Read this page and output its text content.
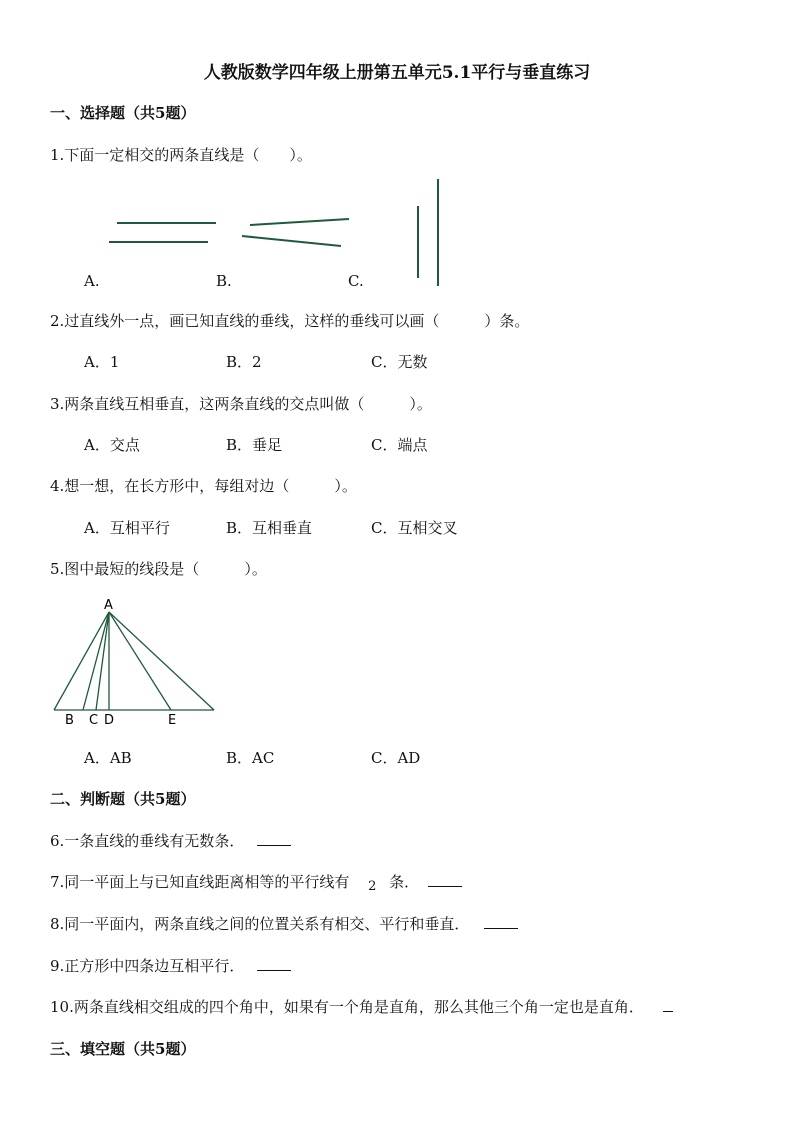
人教版数学四年级上册第五单元5.1平行与垂直练习
一、选择题（共5题）
1.下面一定相交的两条直线是（　　）。
A.	B.	C.
2.过直线外一点，画已知直线的垂线，这样的垂线可以画（　　　）条。
A．1	B．2	C．无数
3.两条直线互相垂直，这两条直线的交点叫做（　　　）。
A．交点	B．垂足	C．端点
4.想一想，在长方形中，每组对边（　　　）。
A．互相平行	B．互相垂直	C．互相交叉
5.图中最短的线段是（　　　）。
A
B C D	E
A．AB	B．AC	C．AD
二、判断题（共5题）
6.一条直线的垂线有无数条．
7.同一平面上与已知直线距离相等的平行线有 2 条．
8.同一平面内，两条直线之间的位置关系有相交、平行和垂直．
9.正方形中四条边互相平行．
10.两条直线相交组成的四个角中，如果有一个角是直角，那么其他三个角一定也是直角．
三、填空题（共5题）
